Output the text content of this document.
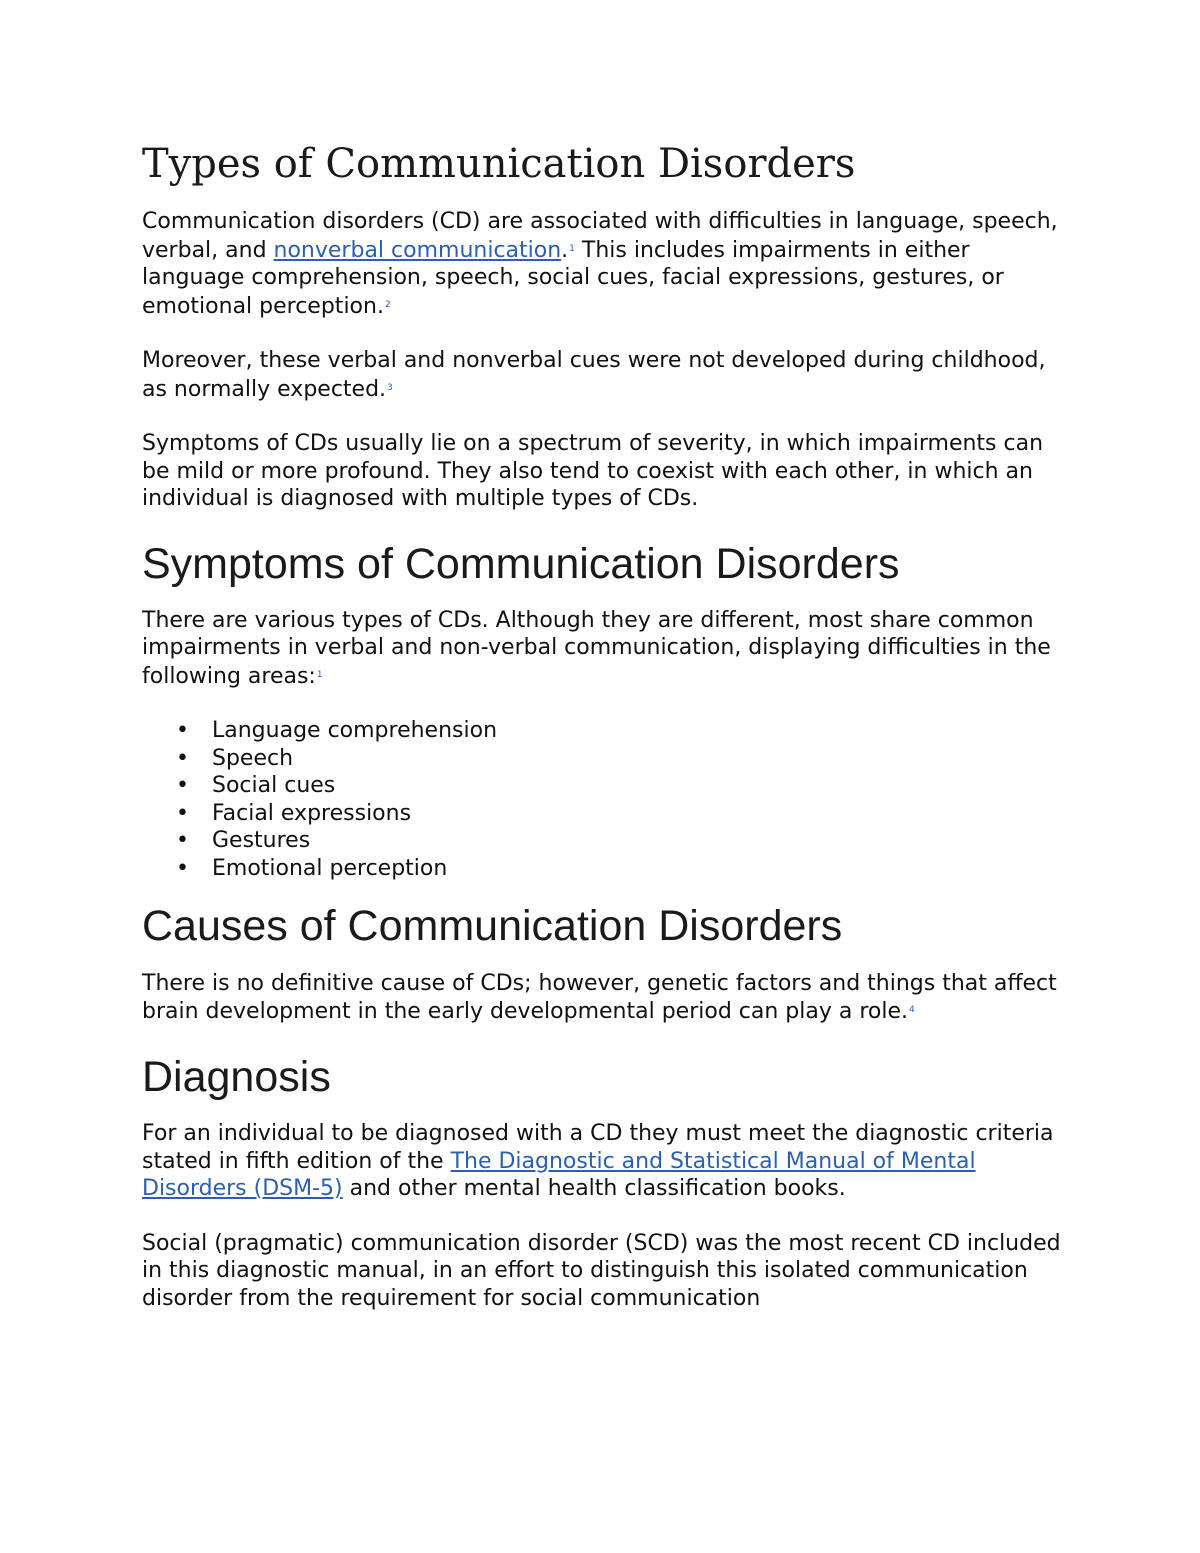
Types of Communication Disorders

Communication disorders (CD) are associated with difficulties in language, speech, verbal, and nonverbal communication.$^1$ This includes impairments in either language comprehension, speech, social cues, facial expressions, gestures, or emotional perception.$^2$

Moreover, these verbal and nonverbal cues were not developed during childhood, as normally expected.$^3$

Symptoms of CDs usually lie on a spectrum of severity, in which impairments can be mild or more profound. They also tend to coexist with each other, in which an individual is diagnosed with multiple types of CDs.

Symptoms of Communication Disorders

There are various types of CDs. Although they are different, most share common impairments in verbal and non-verbal communication, displaying difficulties in the following areas:$^1$

• Language comprehension
• Speech
• Social cues
• Facial expressions
• Gestures
• Emotional perception
Causes of Communication Disorders

There is no definitive cause of CDs; however, genetic factors and things that affect brain development in the early developmental period can play a role.$^4$

Diagnosis

For an individual to be diagnosed with a CD they must meet the diagnostic criteria stated in fifth edition of the The Diagnostic and Statistical Manual of Mental Disorders (DSM-5) and other mental health classification books.

Social (pragmatic) communication disorder (SCD) was the most recent CD included in this diagnostic manual, in an effort to distinguish this isolated communication disorder from the requirement for social communication
